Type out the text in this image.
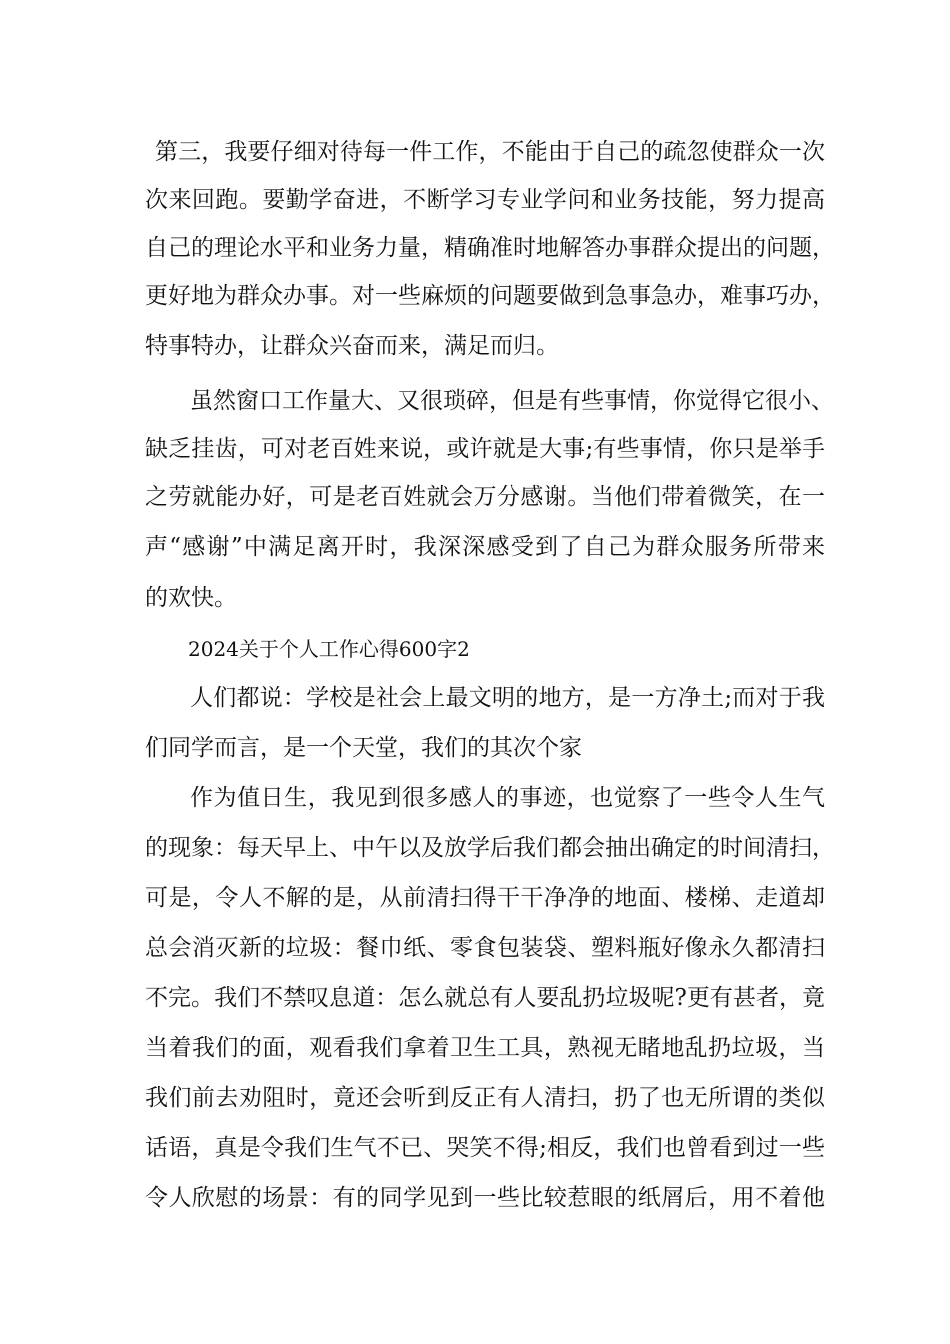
第三，我要仔细对待每一件工作，不能由于自己的疏忽使群众一次
次来回跑。要勤学奋进，不断学习专业学问和业务技能，努力提高
自己的理论水平和业务力量，精确准时地解答办事群众提出的问题，
更好地为群众办事。对一些麻烦的问题要做到急事急办，难事巧办，
特事特办，让群众兴奋而来，满足而归。
虽然窗口工作量大、又很琐碎，但是有些事情，你觉得它很小、
缺乏挂齿，可对老百姓来说，或许就是大事;有些事情，你只是举手
之劳就能办好，可是老百姓就会万分感谢。当他们带着微笑，在一
声“感谢”中满足离开时，我深深感受到了自己为群众服务所带来
的欢快。
2024关于个人工作心得600字2
人们都说：学校是社会上最文明的地方，是一方净土;而对于我
们同学而言，是一个天堂，我们的其次个家
作为值日生，我见到很多感人的事迹，也觉察了一些令人生气
的现象：每天早上、中午以及放学后我们都会抽出确定的时间清扫，
可是，令人不解的是，从前清扫得干干净净的地面、楼梯、走道却
总会消灭新的垃圾：餐巾纸、零食包装袋、塑料瓶好像永久都清扫
不完。我们不禁叹息道：怎么就总有人要乱扔垃圾呢?更有甚者，竟
当着我们的面，观看我们拿着卫生工具，熟视无睹地乱扔垃圾，当
我们前去劝阻时，竟还会听到反正有人清扫，扔了也无所谓的类似
话语，真是令我们生气不已、哭笑不得;相反，我们也曾看到过一些
令人欣慰的场景：有的同学见到一些比较惹眼的纸屑后，用不着他
